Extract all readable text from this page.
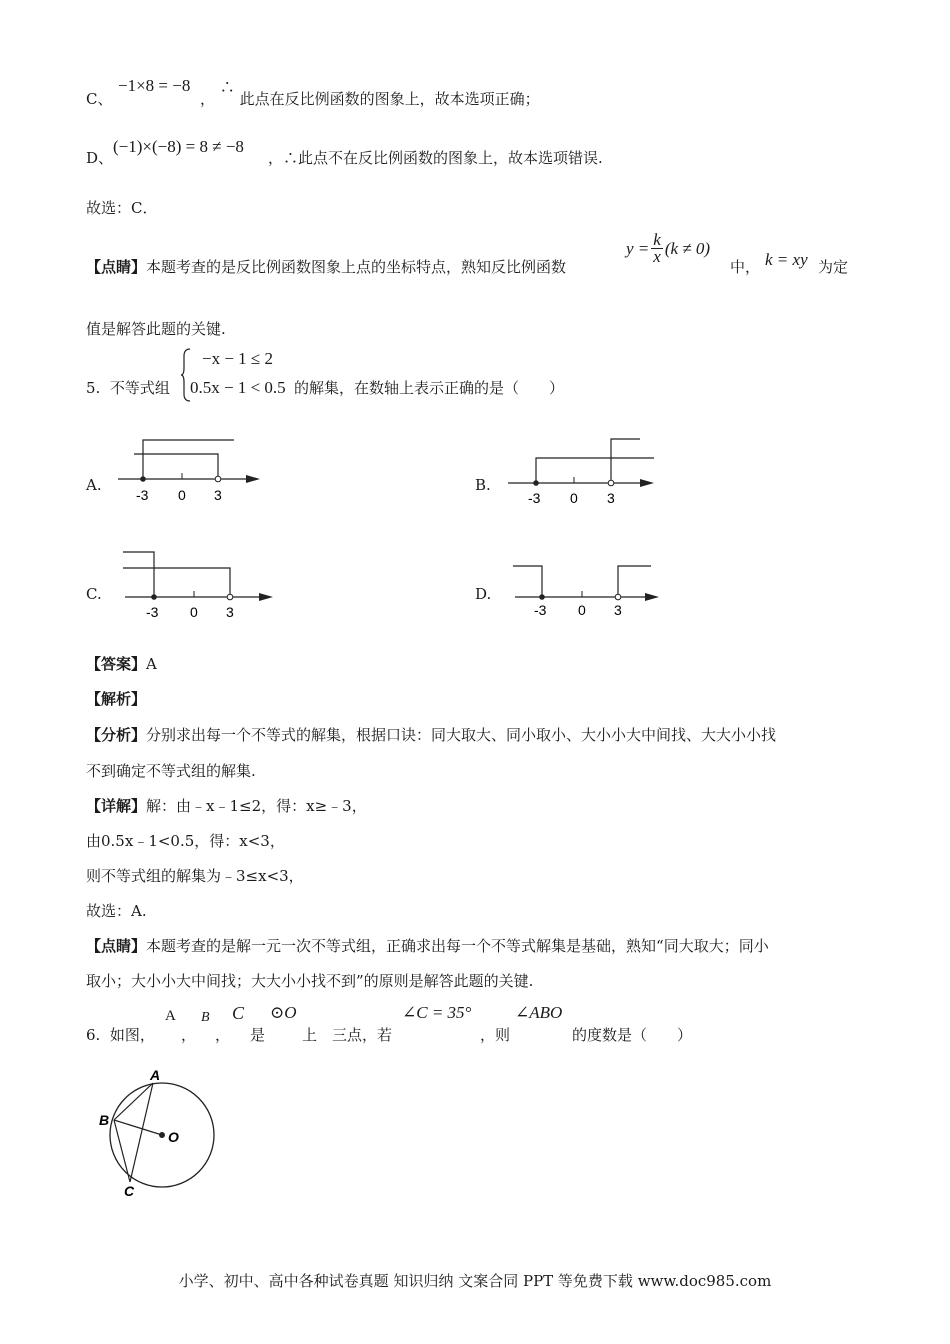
C、
−1×8 = −8
， ∴ 此点在反比例函数的图象上，故本选项正确；
D、
(−1)×(−8) = 8 ≠ −8
，∴此点不在反比例函数的图象上，故本选项错误.
故选：C．
【点睛】本题考查的是反比例函数图象上点的坐标特点，熟知反比例函数
$y = \frac{k}{x} (k \ne 0)$
中， k = xy 为定
值是解答此题的关键.
5. 不等式组
−x − 1 ≤ 2
0.5x − 1 < 0.5 的解集，在数轴上表示正确的是（　　）
A.
-3 0 3
B.
-3 0 3
C.
-3 0 3
D.
-3 0 3
【答案】A
【解析】
【分析】分别求出每一个不等式的解集，根据口诀：同大取大、同小取小、大小小大中间找、大大小小找
不到确定不等式组的解集.
【详解】解：由﹣x﹣1≤2，得：x≥﹣3，
由0.5x﹣1<0.5，得：x<3，
则不等式组的解集为﹣3≤x<3，
故选：A.
【点睛】本题考查的是解一元一次不等式组，正确求出每一个不等式解集是基础，熟知“同大取大；同小
取小；大小小大中间找；大大小小找不到”的原则是解答此题的关键.
6. 如图，
A
，
B
，
C
是
⊙O
上　三点，若
∠C = 35°
，则
∠ABO
的度数是（　　）
A
B
C
O
小学、初中、高中各种试卷真题 知识归纳 文案合同 PPT 等免费下载 www.doc985.com
